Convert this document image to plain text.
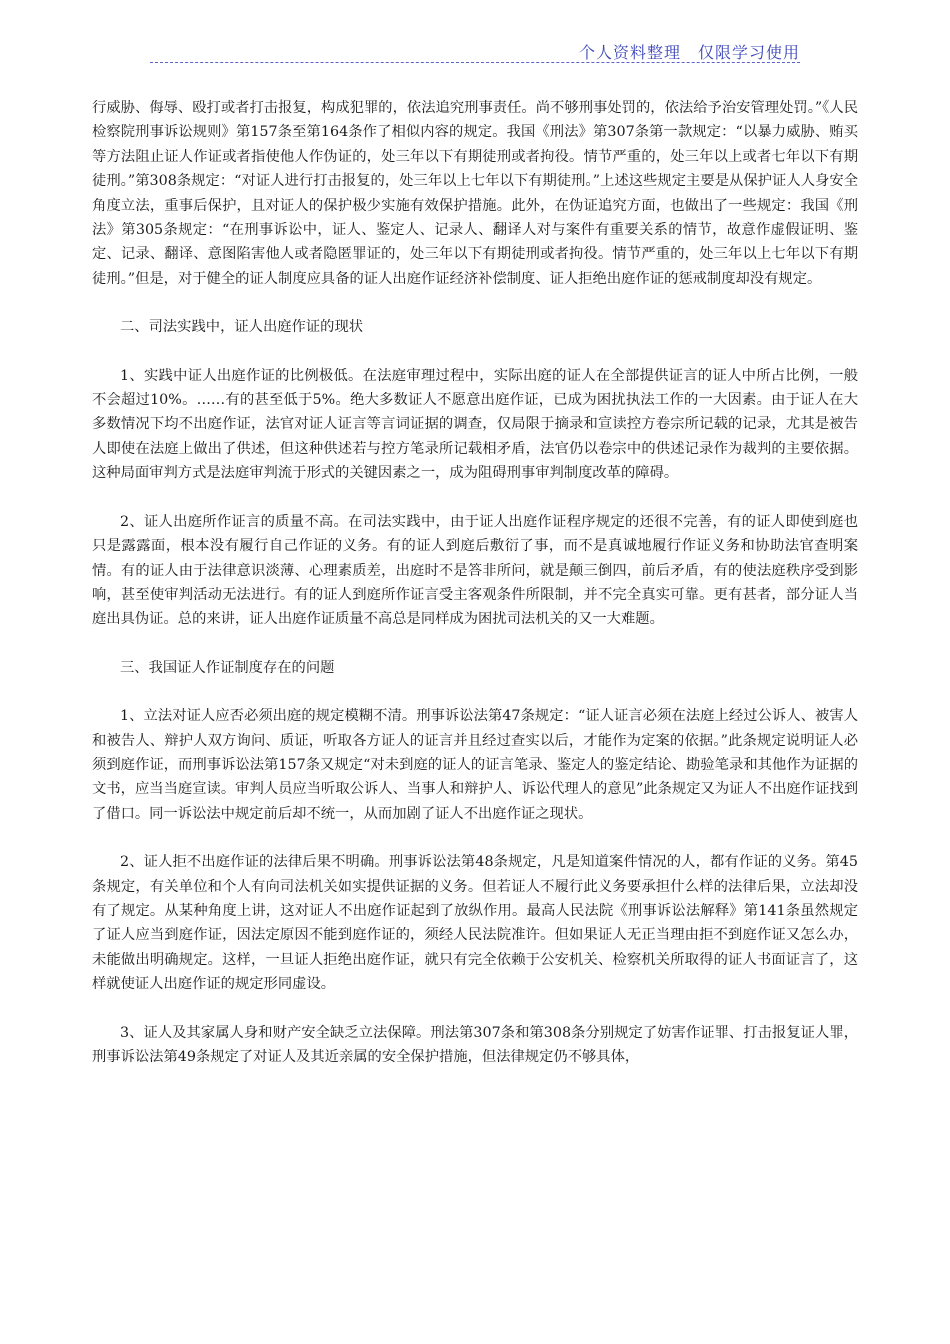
个人资料整理　仅限学习使用

行威胁、侮辱、殴打或者打击报复，构成犯罪的，依法追究刑事责任。尚不够刑事处罚的，依法给予治安管理处罚。”《人民检察院刑事诉讼规则》第157条至第164条作了相似内容的规定。我国《刑法》第307条第一款规定：“以暴力威胁、贿买等方法阻止证人作证或者指使他人作伪证的，处三年以下有期徒刑或者拘役。情节严重的，处三年以上或者七年以下有期徒刑。”第308条规定：“对证人进行打击报复的，处三年以上七年以下有期徒刑。”上述这些规定主要是从保护证人人身安全角度立法，重事后保护，且对证人的保护极少实施有效保护措施。此外，在伪证追究方面，也做出了一些规定：我国《刑法》第305条规定：“在刑事诉讼中，证人、鉴定人、记录人、翻译人对与案件有重要关系的情节，故意作虚假证明、鉴定、记录、翻译、意图陷害他人或者隐匿罪证的，处三年以下有期徒刑或者拘役。情节严重的，处三年以上七年以下有期徒刑。”但是，对于健全的证人制度应具备的证人出庭作证经济补偿制度、证人拒绝出庭作证的惩戒制度却没有规定。

二、司法实践中，证人出庭作证的现状

1、实践中证人出庭作证的比例极低。在法庭审理过程中，实际出庭的证人在全部提供证言的证人中所占比例，一般不会超过10%。……有的甚至低于5%。绝大多数证人不愿意出庭作证，已成为困扰执法工作的一大因素。由于证人在大多数情况下均不出庭作证，法官对证人证言等言词证据的调查，仅局限于摘录和宣读控方卷宗所记载的记录，尤其是被告人即使在法庭上做出了供述，但这种供述若与控方笔录所记载相矛盾，法官仍以卷宗中的供述记录作为裁判的主要依据。这种局面审判方式是法庭审判流于形式的关键因素之一，成为阻碍刑事审判制度改革的障碍。

2、证人出庭所作证言的质量不高。在司法实践中，由于证人出庭作证程序规定的还很不完善，有的证人即使到庭也只是露露面，根本没有履行自己作证的义务。有的证人到庭后敷衍了事，而不是真诚地履行作证义务和协助法官查明案情。有的证人由于法律意识淡薄、心理素质差，出庭时不是答非所问，就是颠三倒四，前后矛盾，有的使法庭秩序受到影响，甚至使审判活动无法进行。有的证人到庭所作证言受主客观条件所限制，并不完全真实可靠。更有甚者，部分证人当庭出具伪证。总的来讲，证人出庭作证质量不高总是同样成为困扰司法机关的又一大难题。

三、我国证人作证制度存在的问题

1、立法对证人应否必须出庭的规定模糊不清。刑事诉讼法第47条规定：“证人证言必须在法庭上经过公诉人、被害人和被告人、辩护人双方询问、质证，听取各方证人的证言并且经过查实以后，才能作为定案的依据。”此条规定说明证人必须到庭作证，而刑事诉讼法第157条又规定“对未到庭的证人的证言笔录、鉴定人的鉴定结论、勘验笔录和其他作为证据的文书，应当当庭宣读。审判人员应当听取公诉人、当事人和辩护人、诉讼代理人的意见”此条规定又为证人不出庭作证找到了借口。同一诉讼法中规定前后却不统一，从而加剧了证人不出庭作证之现状。

2、证人拒不出庭作证的法律后果不明确。刑事诉讼法第48条规定，凡是知道案件情况的人，都有作证的义务。第45条规定，有关单位和个人有向司法机关如实提供证据的义务。但若证人不履行此义务要承担什么样的法律后果，立法却没有了规定。从某种角度上讲，这对证人不出庭作证起到了放纵作用。最高人民法院《刑事诉讼法解释》第141条虽然规定了证人应当到庭作证，因法定原因不能到庭作证的，须经人民法院准许。但如果证人无正当理由拒不到庭作证又怎么办，未能做出明确规定。这样，一旦证人拒绝出庭作证，就只有完全依赖于公安机关、检察机关所取得的证人书面证言了，这样就使证人出庭作证的规定形同虚设。

3、证人及其家属人身和财产安全缺乏立法保障。刑法第307条和第308条分别规定了妨害作证罪、打击报复证人罪，刑事诉讼法第49条规定了对证人及其近亲属的安全保护措施，但法律规定仍不够具体，
